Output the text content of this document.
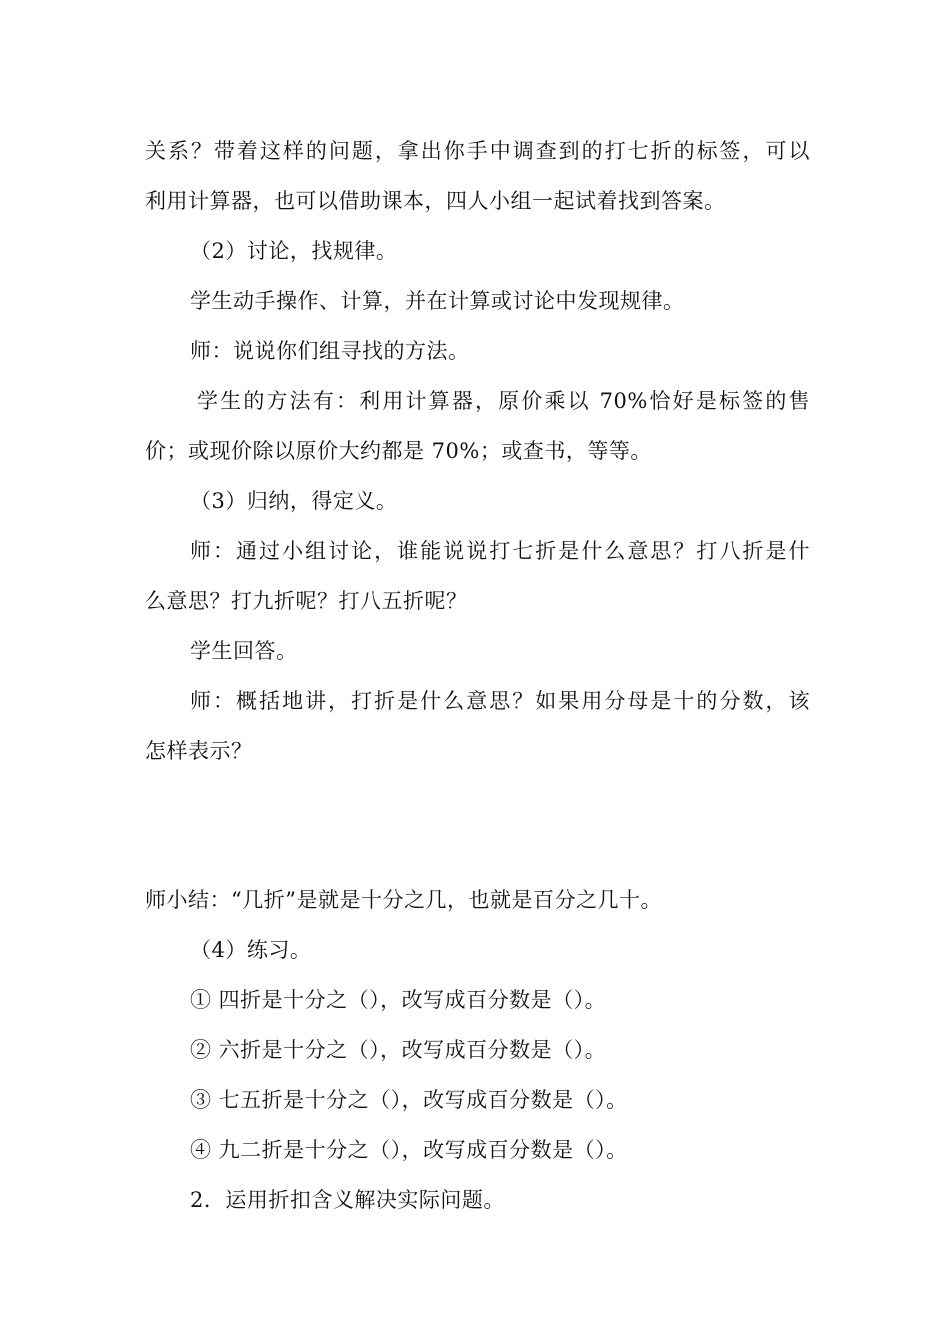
关系？带着这样的问题，拿出你手中调查到的打七折的标签，可以
利用计算器，也可以借助课本，四人小组一起试着找到答案。
（2）讨论，找规律。
学生动手操作、计算，并在计算或讨论中发现规律。
师：说说你们组寻找的方法。
学生的方法有：利用计算器，原价乘以 70%恰好是标签的售
价；或现价除以原价大约都是 70%；或查书，等等。
（3）归纳，得定义。
师：通过小组讨论，谁能说说打七折是什么意思？打八折是什
么意思？打九折呢？打八五折呢？
学生回答。
师：概括地讲，打折是什么意思？如果用分母是十的分数，该
怎样表示？
师小结：“几折”是就是十分之几，也就是百分之几十。
（4）练习。
① 四折是十分之（），改写成百分数是（）。
② 六折是十分之（），改写成百分数是（）。
③ 七五折是十分之（），改写成百分数是（）。
④ 九二折是十分之（），改写成百分数是（）。
2．运用折扣含义解决实际问题。
